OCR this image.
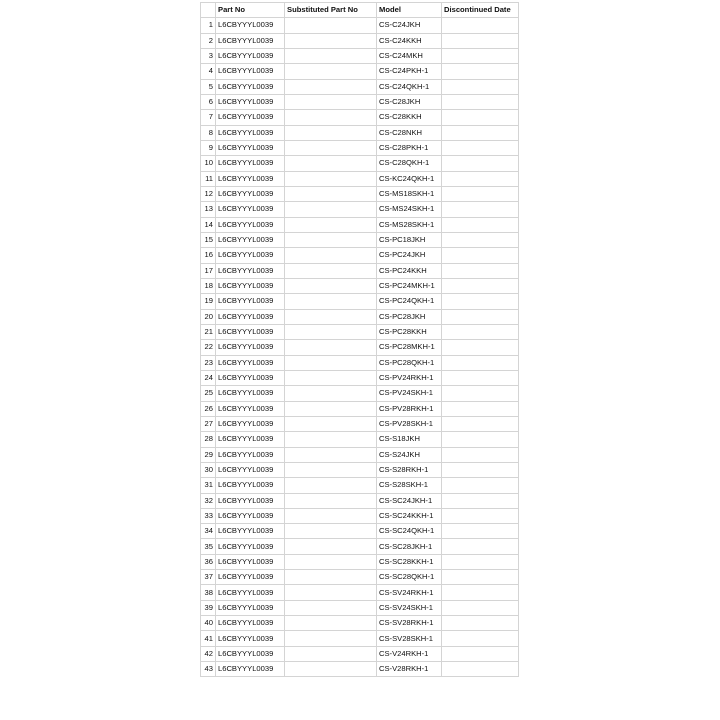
	Part No	Substituted Part No	Model	Discontinued Date
1	L6CBYYYL0039		CS-C24JKH	
2	L6CBYYYL0039		CS-C24KKH	
3	L6CBYYYL0039		CS-C24MKH	
4	L6CBYYYL0039		CS-C24PKH-1	
5	L6CBYYYL0039		CS-C24QKH-1	
6	L6CBYYYL0039		CS-C28JKH	
7	L6CBYYYL0039		CS-C28KKH	
8	L6CBYYYL0039		CS-C28NKH	
9	L6CBYYYL0039		CS-C28PKH-1	
10	L6CBYYYL0039		CS-C28QKH-1	
11	L6CBYYYL0039		CS-KC24QKH-1	
12	L6CBYYYL0039		CS-MS18SKH-1	
13	L6CBYYYL0039		CS-MS24SKH-1	
14	L6CBYYYL0039		CS-MS28SKH-1	
15	L6CBYYYL0039		CS-PC18JKH	
16	L6CBYYYL0039		CS-PC24JKH	
17	L6CBYYYL0039		CS-PC24KKH	
18	L6CBYYYL0039		CS-PC24MKH-1	
19	L6CBYYYL0039		CS-PC24QKH-1	
20	L6CBYYYL0039		CS-PC28JKH	
21	L6CBYYYL0039		CS-PC28KKH	
22	L6CBYYYL0039		CS-PC28MKH-1	
23	L6CBYYYL0039		CS-PC28QKH-1	
24	L6CBYYYL0039		CS-PV24RKH-1	
25	L6CBYYYL0039		CS-PV24SKH-1	
26	L6CBYYYL0039		CS-PV28RKH-1	
27	L6CBYYYL0039		CS-PV28SKH-1	
28	L6CBYYYL0039		CS-S18JKH	
29	L6CBYYYL0039		CS-S24JKH	
30	L6CBYYYL0039		CS-S28RKH-1	
31	L6CBYYYL0039		CS-S28SKH-1	
32	L6CBYYYL0039		CS-SC24JKH-1	
33	L6CBYYYL0039		CS-SC24KKH-1	
34	L6CBYYYL0039		CS-SC24QKH-1	
35	L6CBYYYL0039		CS-SC28JKH-1	
36	L6CBYYYL0039		CS-SC28KKH-1	
37	L6CBYYYL0039		CS-SC28QKH-1	
38	L6CBYYYL0039		CS-SV24RKH-1	
39	L6CBYYYL0039		CS-SV24SKH-1	
40	L6CBYYYL0039		CS-SV28RKH-1	
41	L6CBYYYL0039		CS-SV28SKH-1	
42	L6CBYYYL0039		CS-V24RKH-1	
43	L6CBYYYL0039		CS-V28RKH-1	
